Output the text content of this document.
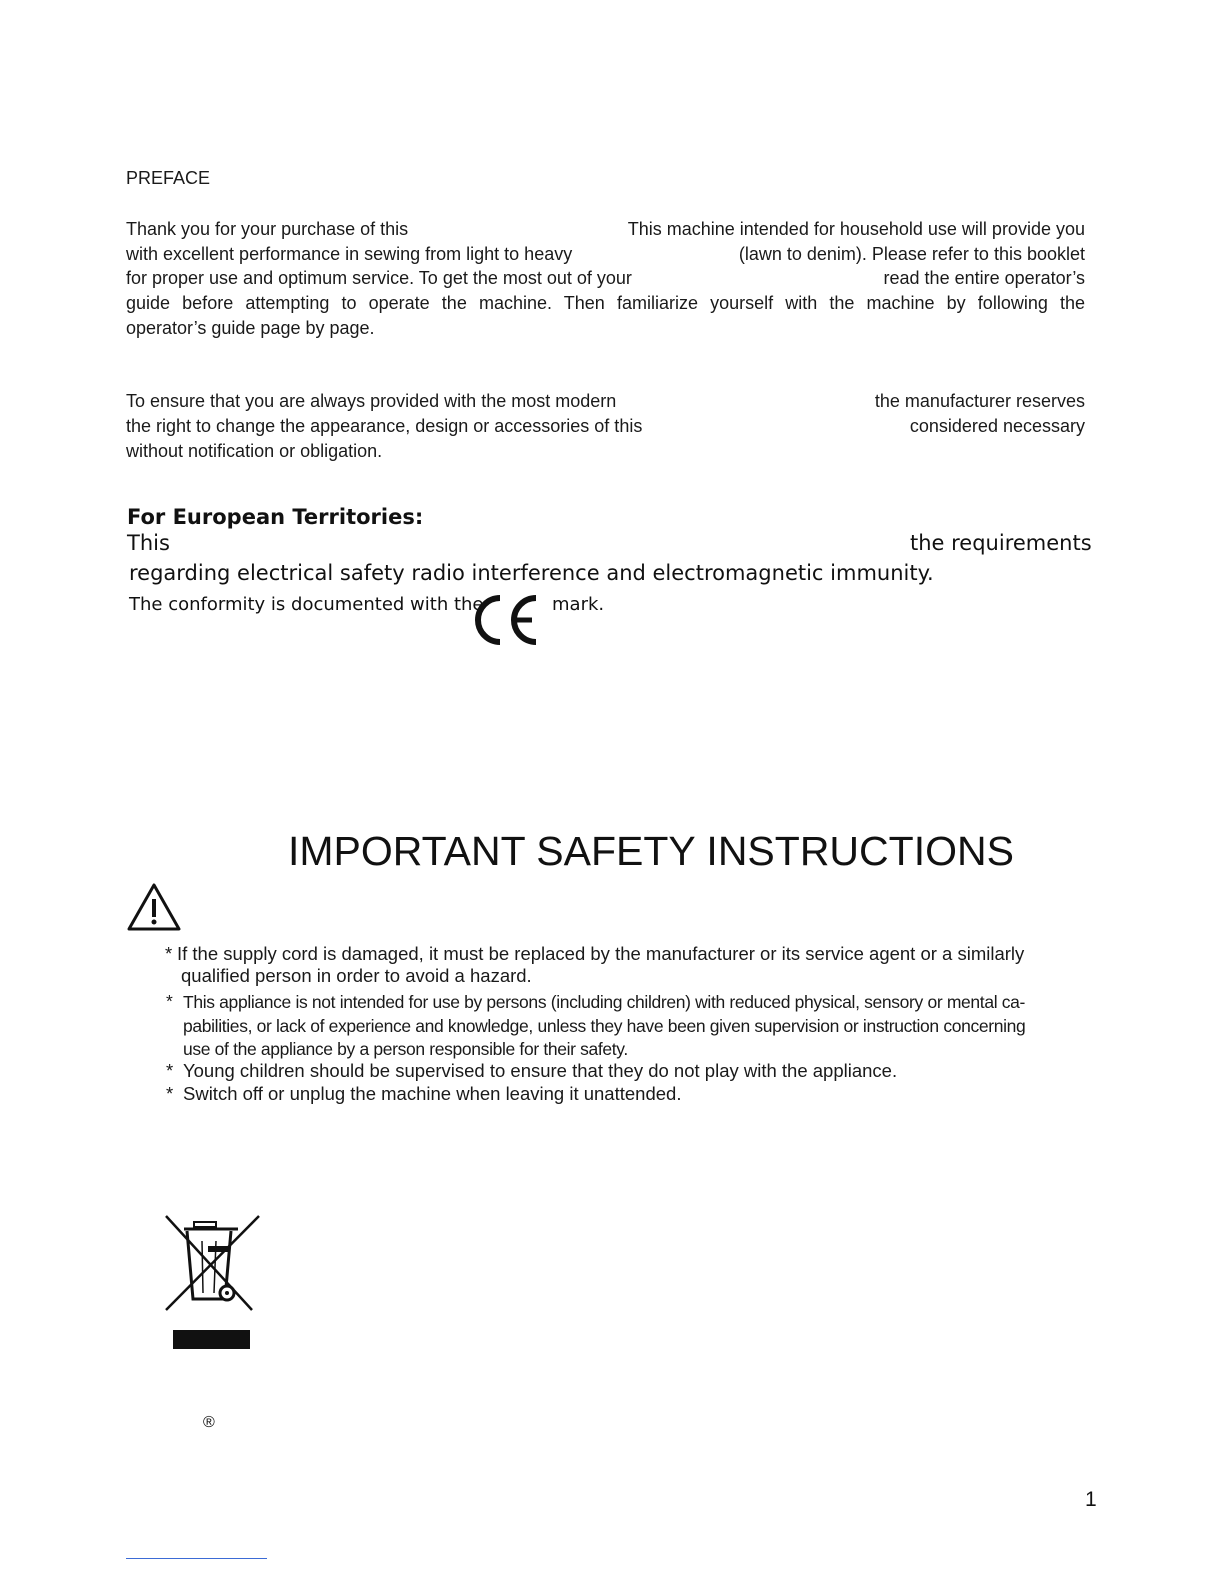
PREFACE
Thank you for your purchase of this	This machine intended for household use will provide you
with excellent performance in sewing from light to heavy	(lawn to denim). Please refer to this booklet
for proper use and optimum service. To get the most out of your	read the entire operator’s
guide before attempting to operate the machine. Then familiarize yourself with the machine by following the
operator’s guide page by page.
To ensure that you are always provided with the most modern	the manufacturer reserves
the right to change the appearance, design or accessories of this	considered necessary
without notification or obligation.
For European Territories:
This	the requirements
regarding electrical safety radio interference and electromagnetic immunity.
The conformity is documented with the	mark.
IMPORTANT SAFETY INSTRUCTIONS
* If the supply cord is damaged, it must be replaced by the manufacturer or its service agent or a similarly
qualified person in order to avoid a hazard.
* This appliance is not intended for use by persons (including children) with reduced physical, sensory or mental ca-
pabilities, or lack of experience and knowledge, unless they have been given supervision or instruction concerning
use of the appliance by a person responsible for their safety.
* Young children should be supervised to ensure that they do not play with the appliance.
* Switch off or unplug the machine when leaving it unattended.
®
1
